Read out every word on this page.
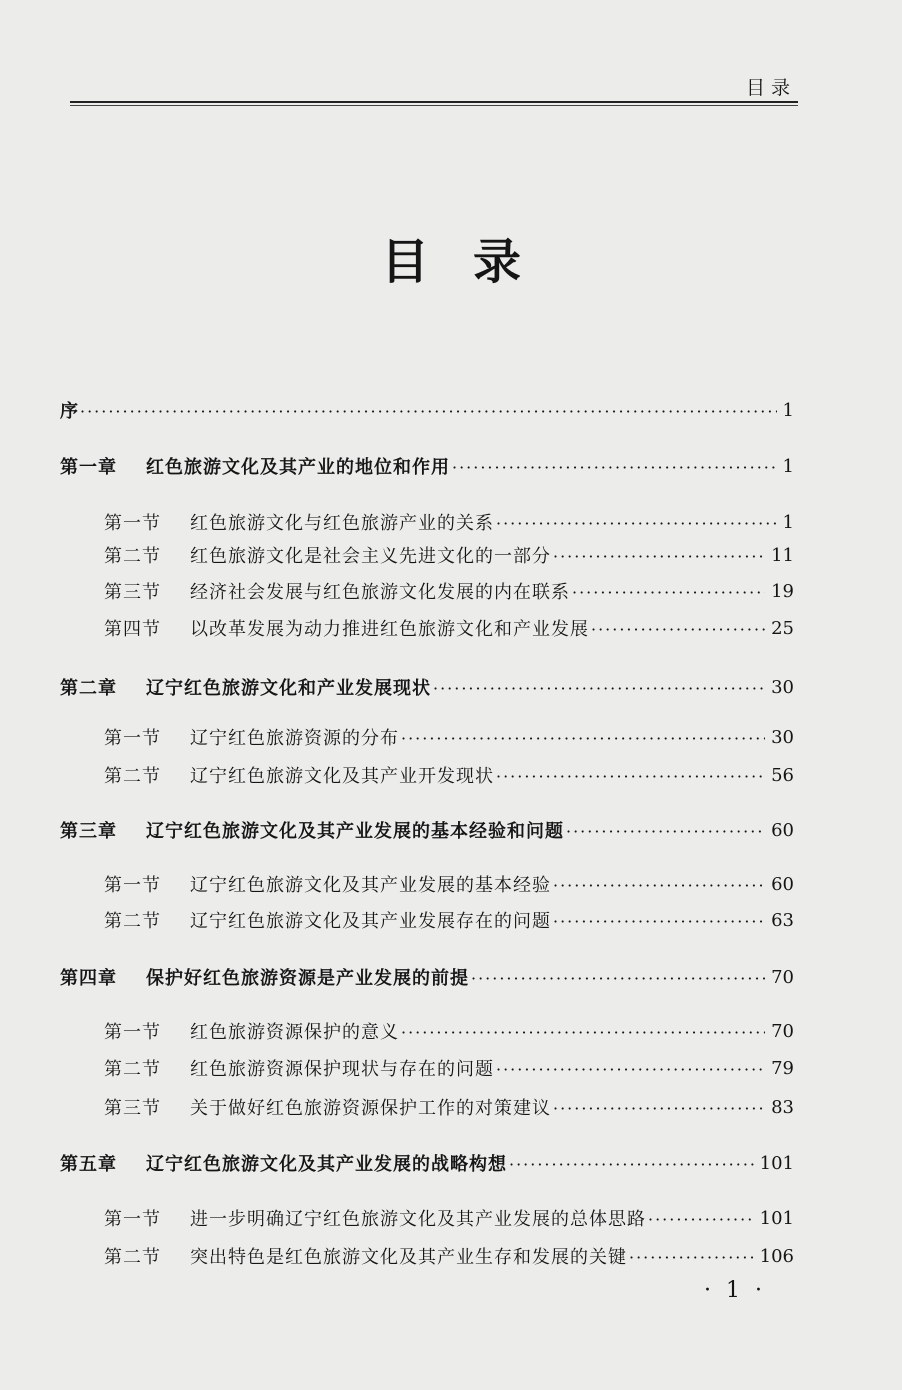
目录
目录
序 ·····	1
第一章	红色旅游文化及其产业的地位和作用 ·····	1
第一节	红色旅游文化与红色旅游产业的关系 ·····	1
第二节	红色旅游文化是社会主义先进文化的一部分 ·····	11
第三节	经济社会发展与红色旅游文化发展的内在联系 ·····	19
第四节	以改革发展为动力推进红色旅游文化和产业发展 ·····	25
第二章	辽宁红色旅游文化和产业发展现状 ·····	30
第一节	辽宁红色旅游资源的分布 ·····	30
第二节	辽宁红色旅游文化及其产业开发现状 ·····	56
第三章	辽宁红色旅游文化及其产业发展的基本经验和问题 ·····	60
第一节	辽宁红色旅游文化及其产业发展的基本经验 ·····	60
第二节	辽宁红色旅游文化及其产业发展存在的问题 ·····	63
第四章	保护好红色旅游资源是产业发展的前提 ·····	70
第一节	红色旅游资源保护的意义 ·····	70
第二节	红色旅游资源保护现状与存在的问题 ·····	79
第三节	关于做好红色旅游资源保护工作的对策建议 ·····	83
第五章	辽宁红色旅游文化及其产业发展的战略构想 ·····	101
第一节	进一步明确辽宁红色旅游文化及其产业发展的总体思路 ·····	101
第二节	突出特色是红色旅游文化及其产业生存和发展的关键 ·····	106
· 1 ·
